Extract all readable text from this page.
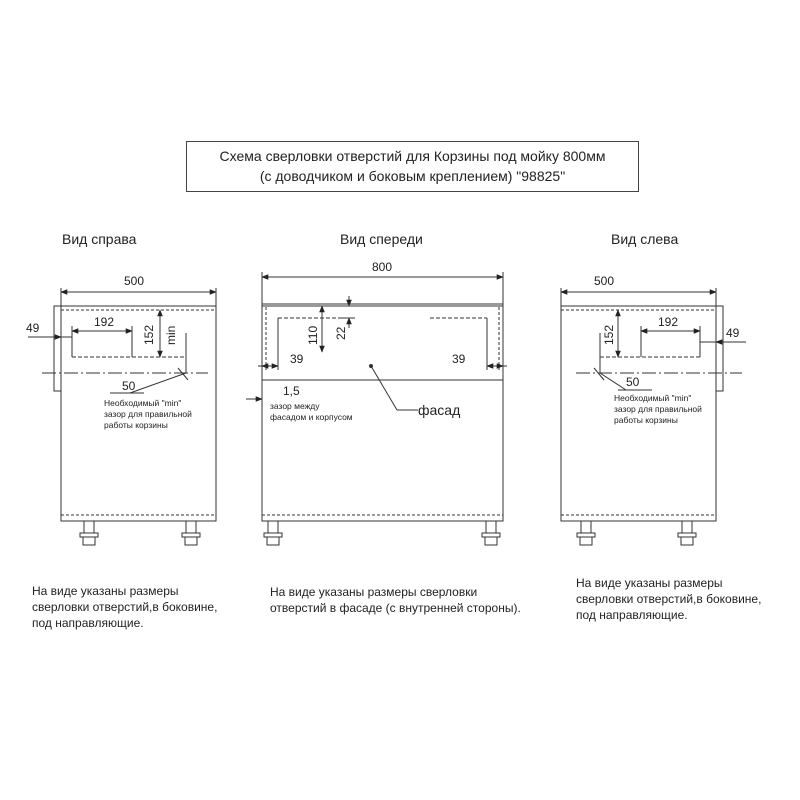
Схема сверловки отверстий для Корзины под мойку 800мм
(с доводчиком и боковым креплением) "98825"
Вид справа	Вид спереди	Вид слева
500
192
152 min
49
50
Необходимый "min"
зазор для правильной
работы корзины
800
110 22
39	39
1,5
зазор между
фасадом и корпусом	фасад
500
192
152	49
50
Необходимый "min"
зазор для правильной
работы корзины
На виде указаны размеры
сверловки отверстий,в боковине,
под направляющие.
На виде указаны размеры сверловки
отверстий в фасаде (с внутренней стороны).
На виде указаны размеры
сверловки отверстий,в боковине,
под направляющие.
